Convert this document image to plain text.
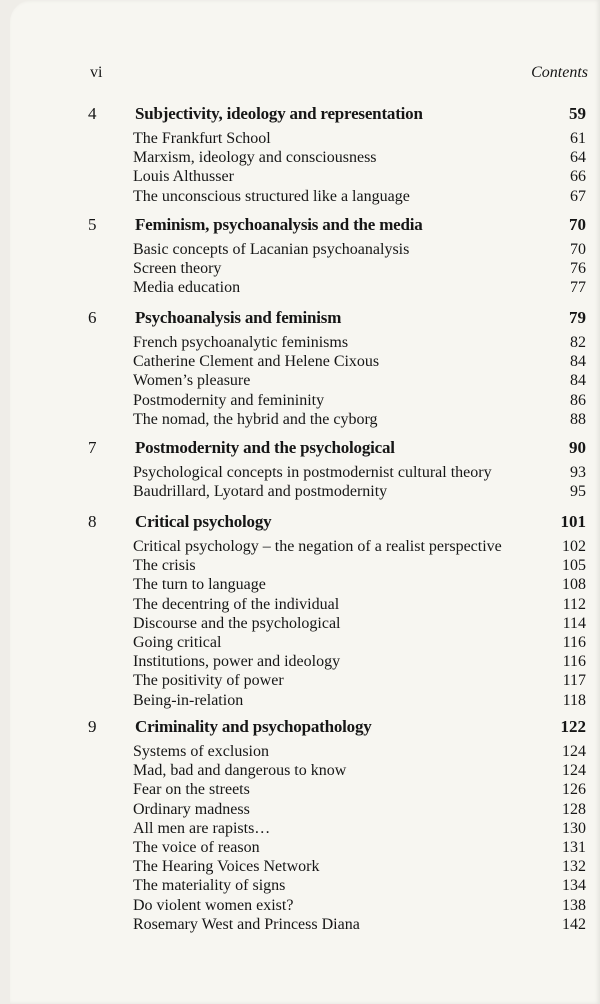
vi	Contents
4 Subjectivity, ideology and representation	59
The Frankfurt School	61
Marxism, ideology and consciousness	64
Louis Althusser	66
The unconscious structured like a language	67
5 Feminism, psychoanalysis and the media	70
Basic concepts of Lacanian psychoanalysis	70
Screen theory	76
Media education	77
6 Psychoanalysis and feminism	79
French psychoanalytic feminisms	82
Catherine Clement and Helene Cixous	84
Women’s pleasure	84
Postmodernity and femininity	86
The nomad, the hybrid and the cyborg	88
7 Postmodernity and the psychological	90
Psychological concepts in postmodernist cultural theory	93
Baudrillard, Lyotard and postmodernity	95
8 Critical psychology	101
Critical psychology – the negation of a realist perspective	102
The crisis	105
The turn to language	108
The decentring of the individual	112
Discourse and the psychological	114
Going critical	116
Institutions, power and ideology	116
The positivity of power	117
Being-in-relation	118
9 Criminality and psychopathology	122
Systems of exclusion	124
Mad, bad and dangerous to know	124
Fear on the streets	126
Ordinary madness	128
All men are rapists…	130
The voice of reason	131
The Hearing Voices Network	132
The materiality of signs	134
Do violent women exist?	138
Rosemary West and Princess Diana	142
